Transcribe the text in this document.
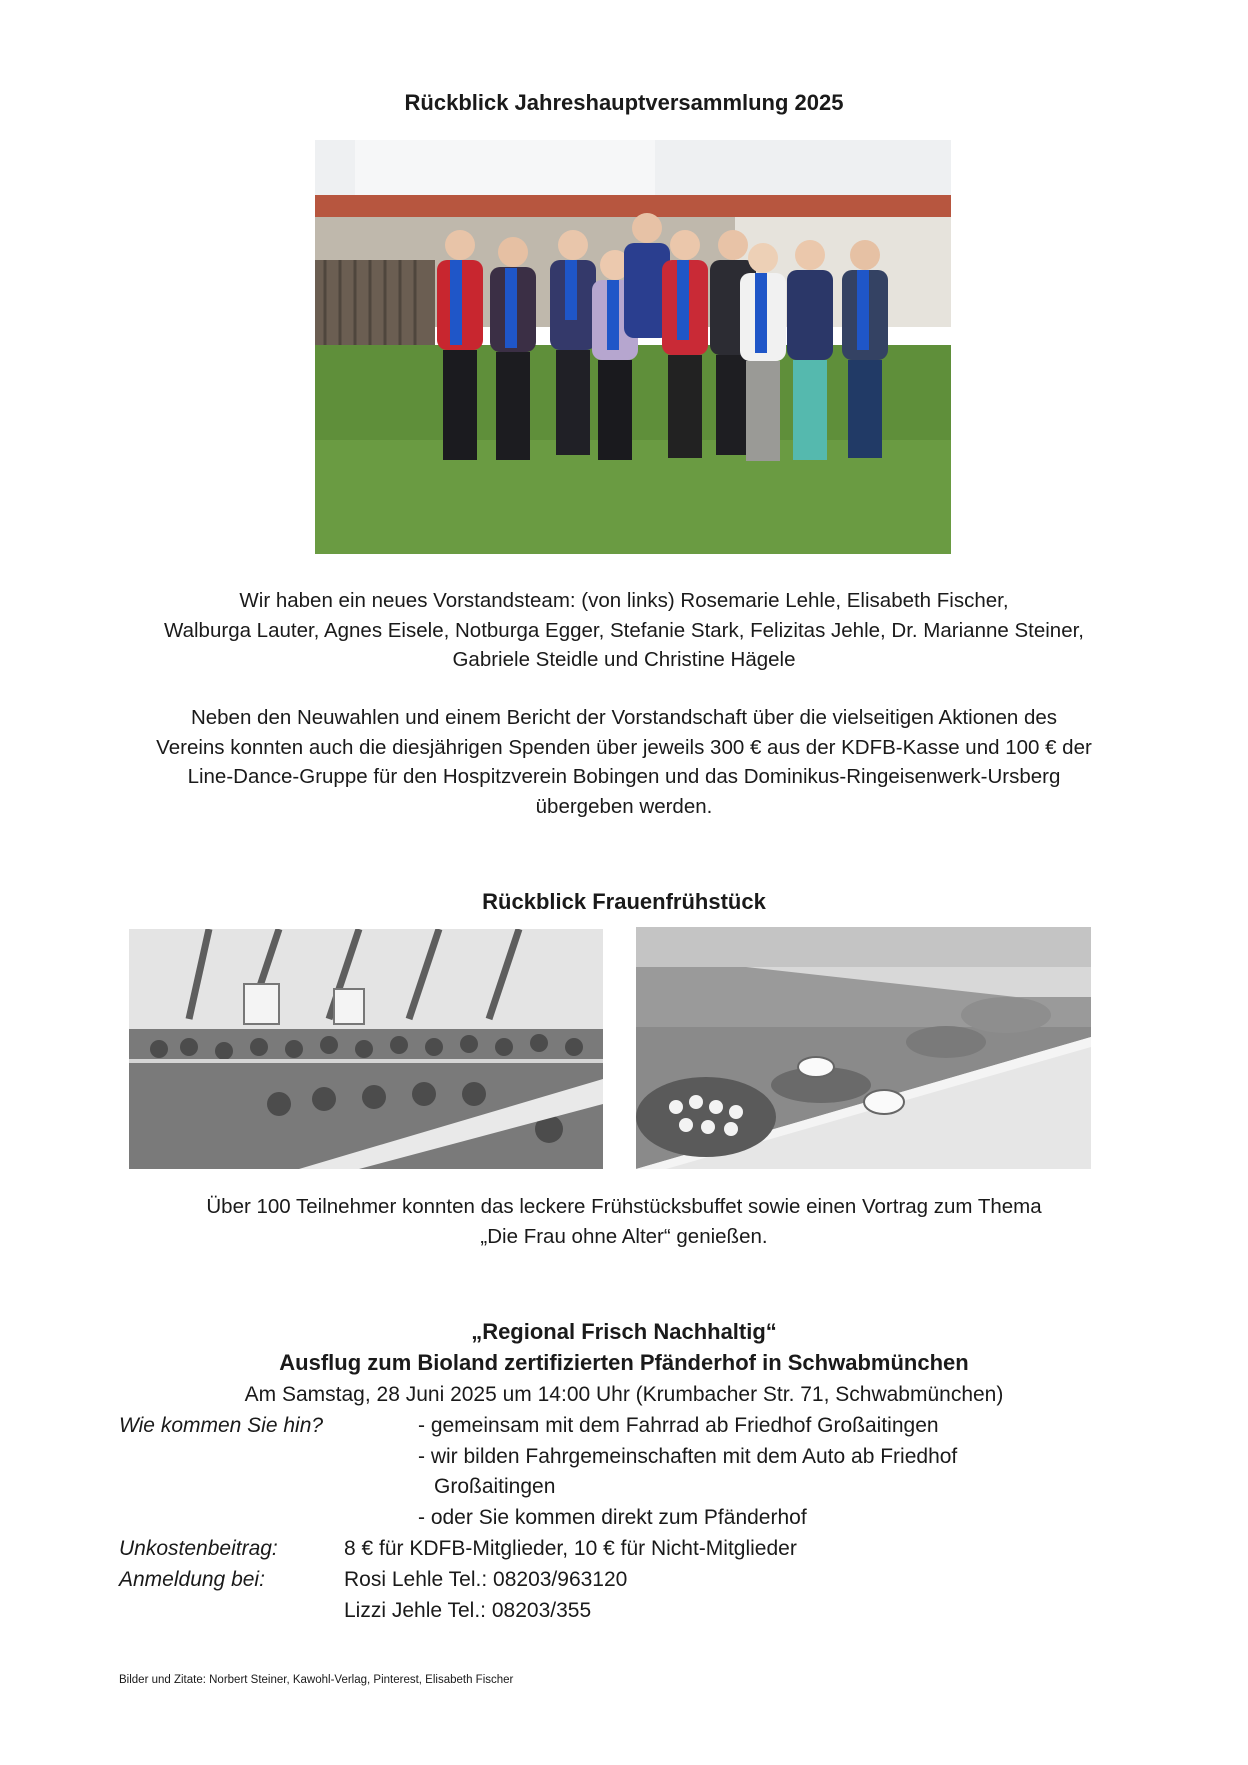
Rückblick Jahreshauptversammlung 2025
Wir haben ein neues Vorstandsteam: (von links) Rosemarie Lehle, Elisabeth Fischer,
Walburga Lauter, Agnes Eisele, Notburga Egger, Stefanie Stark, Felizitas Jehle, Dr. Marianne Steiner,
Gabriele Steidle und Christine Hägele
Neben den Neuwahlen und einem Bericht der Vorstandschaft über die vielseitigen Aktionen des
Vereins konnten auch die diesjährigen Spenden über jeweils 300 € aus der KDFB-Kasse und 100 € der
Line-Dance-Gruppe für den Hospitzverein Bobingen und das Dominikus-Ringeisenwerk-Ursberg
übergeben werden.
Rückblick Frauenfrühstück
Über 100 Teilnehmer konnten das leckere Frühstücksbuffet sowie einen Vortrag zum Thema
„Die Frau ohne Alter“ genießen.
„Regional Frisch Nachhaltig“
Ausflug zum Bioland zertifizierten Pfänderhof in Schwabmünchen
Am Samstag, 28 Juni 2025 um 14:00 Uhr (Krumbacher Str. 71, Schwabmünchen)
Wie kommen Sie hin?	- gemeinsam mit dem Fahrrad ab Friedhof Großaitingen
- wir bilden Fahrgemeinschaften mit dem Auto ab Friedhof
Großaitingen
- oder Sie kommen direkt zum Pfänderhof
Unkostenbeitrag:	8 € für KDFB-Mitglieder, 10 € für Nicht-Mitglieder
Anmeldung bei:	Rosi Lehle Tel.: 08203/963120
Lizzi Jehle Tel.: 08203/355
Bilder und Zitate: Norbert Steiner, Kawohl-Verlag, Pinterest, Elisabeth Fischer
